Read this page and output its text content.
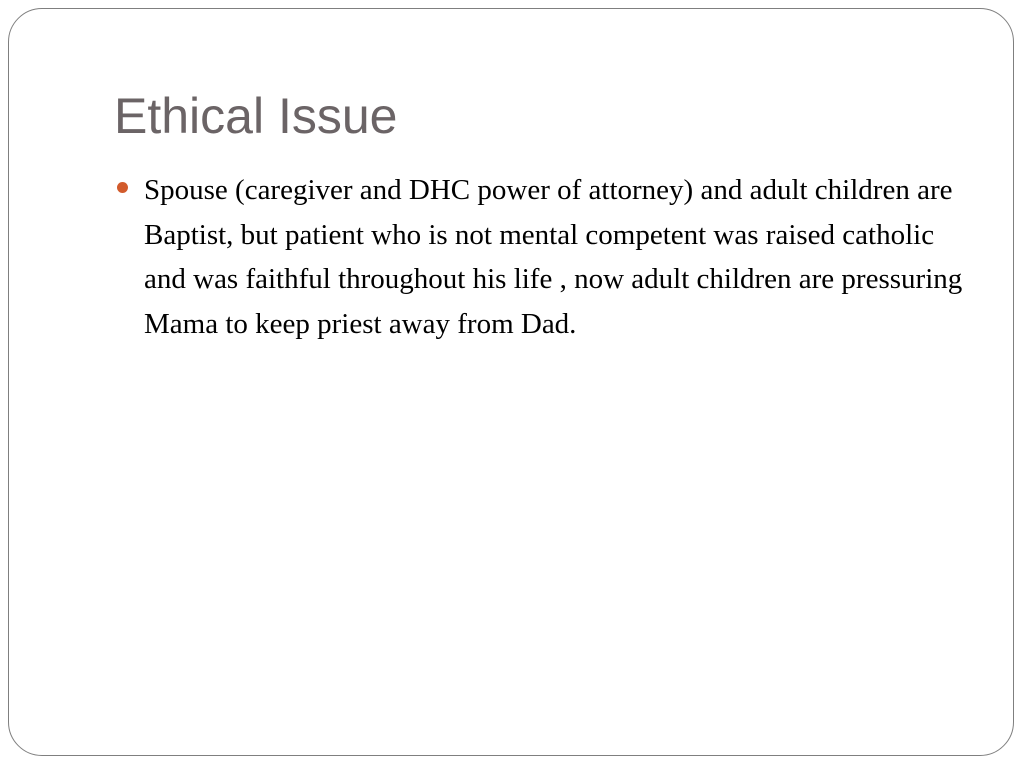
Ethical Issue
Spouse (caregiver and DHC power of attorney) and adult children are Baptist, but patient who is not mental competent was raised catholic and was faithful throughout his life , now adult children are pressuring Mama to keep priest away from Dad.
